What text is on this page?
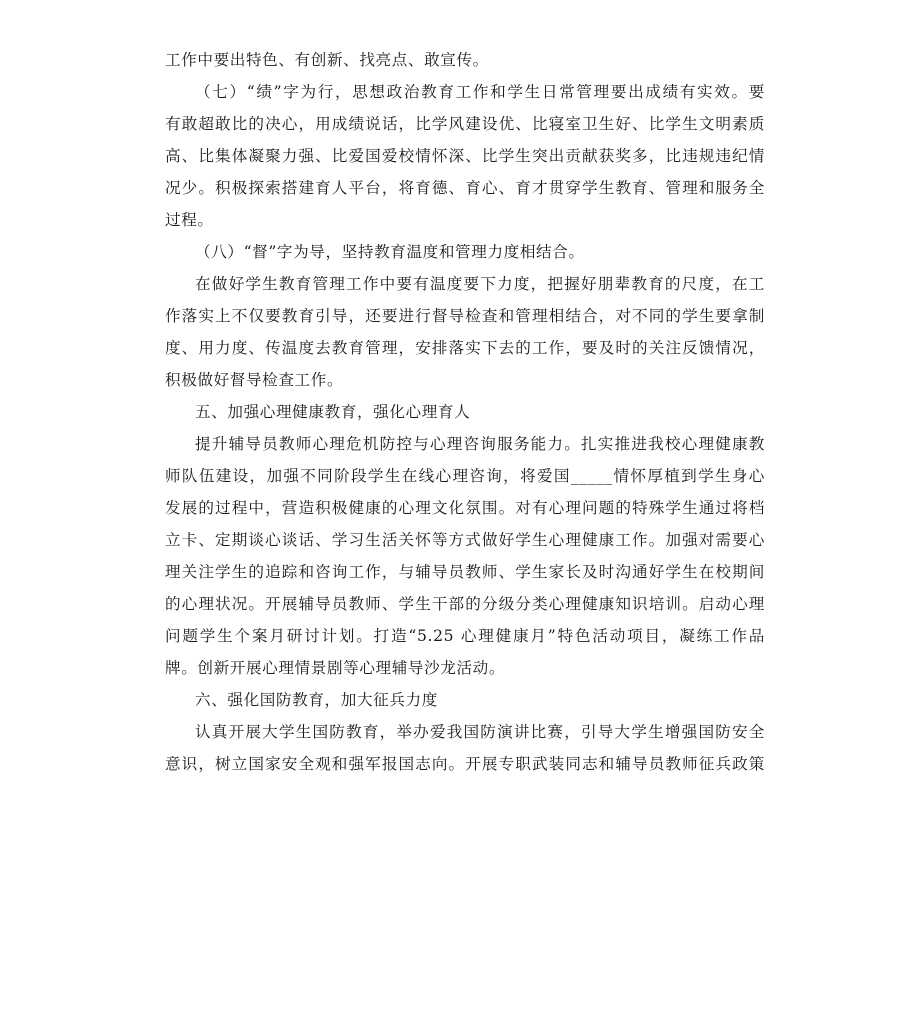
工作中要出特色、有创新、找亮点、敢宣传。
（七）“绩”字为行，思想政治教育工作和学生日常管理要出成绩有实效。要
有敢超敢比的决心，用成绩说话，比学风建设优、比寝室卫生好、比学生文明素质
高、比集体凝聚力强、比爱国爱校情怀深、比学生突出贡献获奖多，比违规违纪情
况少。积极探索搭建育人平台，将育德、育心、育才贯穿学生教育、管理和服务全
过程。
（八）“督”字为导，坚持教育温度和管理力度相结合。
在做好学生教育管理工作中要有温度要下力度，把握好朋辈教育的尺度，在工
作落实上不仅要教育引导，还要进行督导检查和管理相结合，对不同的学生要拿制
度、用力度、传温度去教育管理，安排落实下去的工作，要及时的关注反馈情况，
积极做好督导检查工作。
五、加强心理健康教育，强化心理育人
提升辅导员教师心理危机防控与心理咨询服务能力。扎实推进我校心理健康教
师队伍建设，加强不同阶段学生在线心理咨询，将爱国_____情怀厚植到学生身心
发展的过程中，营造积极健康的心理文化氛围。对有心理问题的特殊学生通过将档
立卡、定期谈心谈话、学习生活关怀等方式做好学生心理健康工作。加强对需要心
理关注学生的追踪和咨询工作，与辅导员教师、学生家长及时沟通好学生在校期间
的心理状况。开展辅导员教师、学生干部的分级分类心理健康知识培训。启动心理
问题学生个案月研讨计划。打造“5.25 心理健康月”特色活动项目，凝练工作品
牌。创新开展心理情景剧等心理辅导沙龙活动。
六、强化国防教育，加大征兵力度
认真开展大学生国防教育，举办爱我国防演讲比赛，引导大学生增强国防安全
意识，树立国家安全观和强军报国志向。开展专职武装同志和辅导员教师征兵政策
